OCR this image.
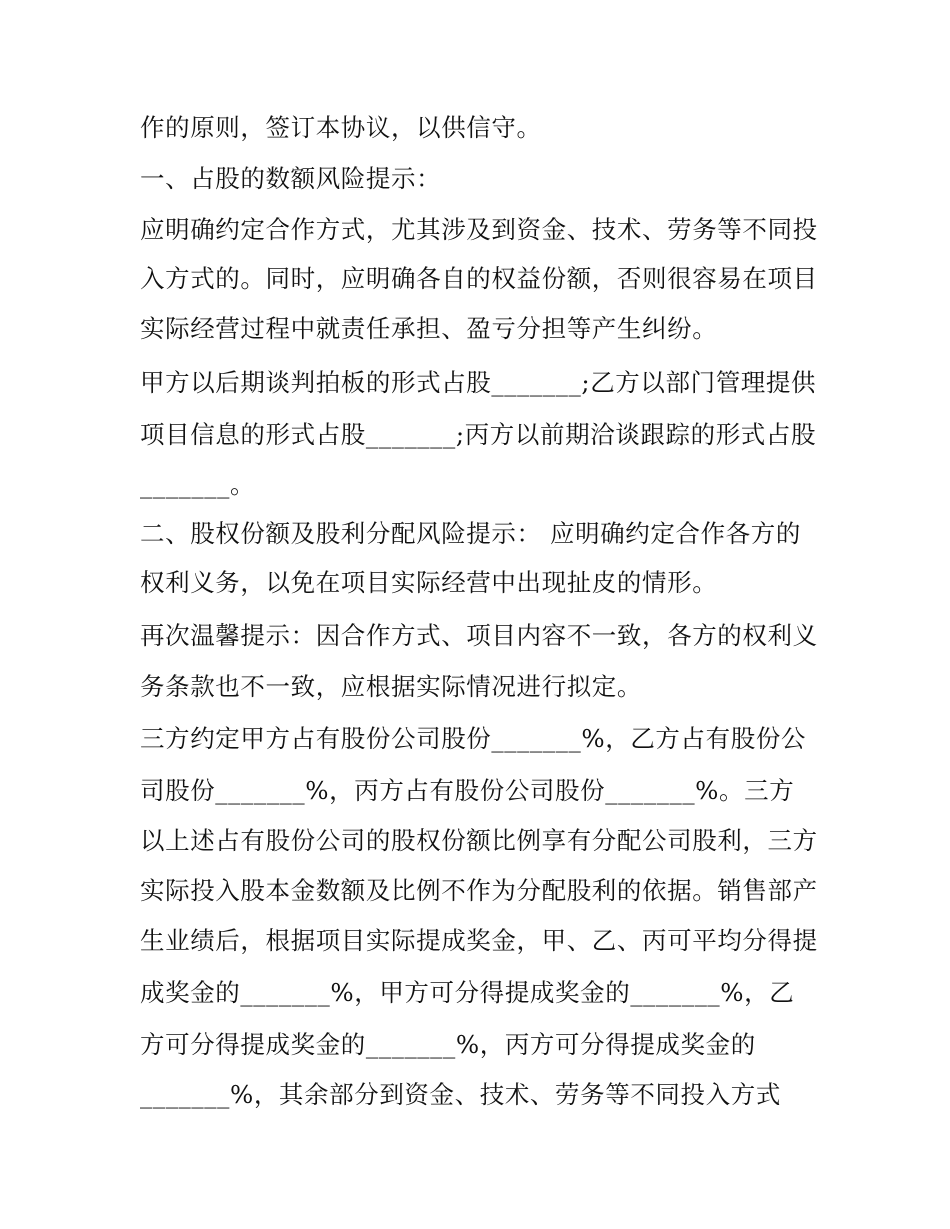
作的原则，签订本协议，以供信守。
一、占股的数额风险提示：
应明确约定合作方式，尤其涉及到资金、技术、劳务等不同投
入方式的。同时，应明确各自的权益份额，否则很容易在项目
实际经营过程中就责任承担、盈亏分担等产生纠纷。
甲方以后期谈判拍板的形式占股_______;乙方以部门管理提供
项目信息的形式占股_______;丙方以前期洽谈跟踪的形式占股
_______。
二、股权份额及股利分配风险提示： 应明确约定合作各方的
权利义务，以免在项目实际经营中出现扯皮的情形。
再次温馨提示：因合作方式、项目内容不一致，各方的权利义
务条款也不一致，应根据实际情况进行拟定。
三方约定甲方占有股份公司股份_______%，乙方占有股份公
司股份_______%，丙方占有股份公司股份_______%。三方
以上述占有股份公司的股权份额比例享有分配公司股利，三方
实际投入股本金数额及比例不作为分配股利的依据。销售部产
生业绩后，根据项目实际提成奖金，甲、乙、丙可平均分得提
成奖金的_______%，甲方可分得提成奖金的_______%，乙
方可分得提成奖金的_______%，丙方可分得提成奖金的
_______%，其余部分到资金、技术、劳务等不同投入方式
